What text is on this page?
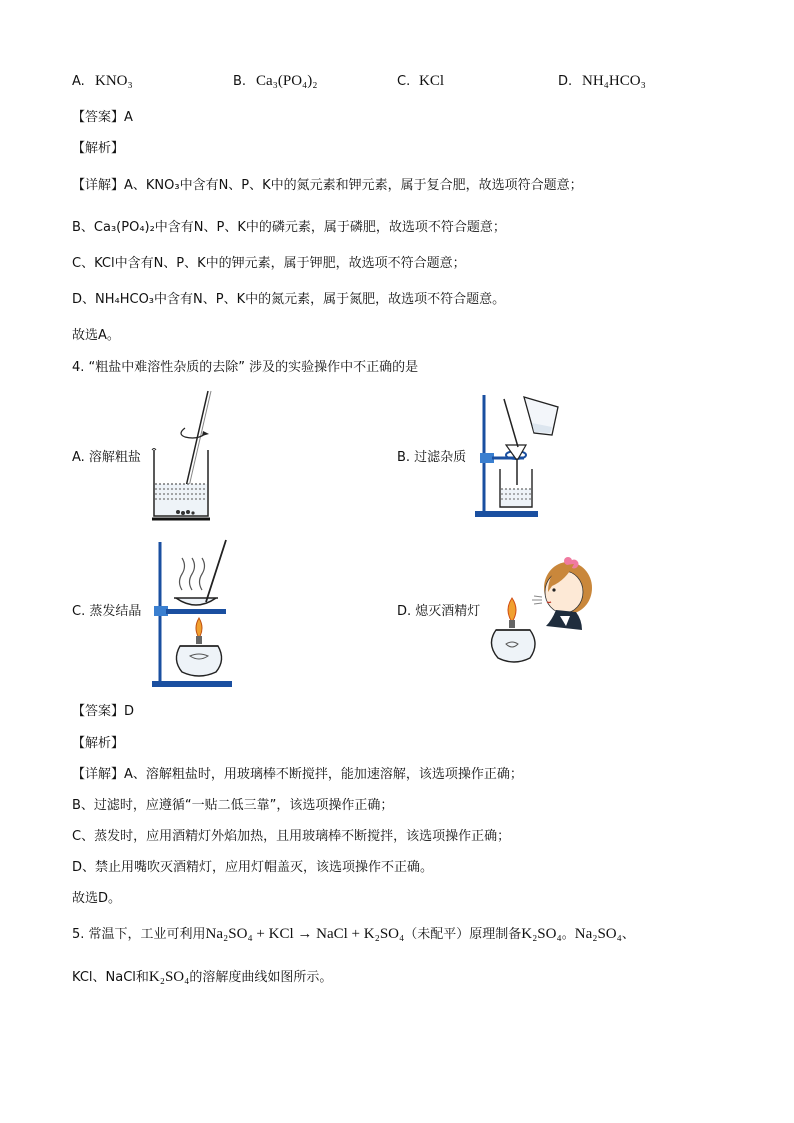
A. KNO₃	B. Ca₃(PO₄)₂	C. KCl	D. NH₄HCO₃
【答案】A
【解析】
【详解】A、KNO₃中含有N、P、K中的氮元素和钾元素，属于复合肥，故选项符合题意；
B、Ca₃(PO₄)₂中含有N、P、K中的磷元素，属于磷肥，故选项不符合题意；
C、KCl中含有N、P、K中的钾元素，属于钾肥，故选项不符合题意；
D、NH₄HCO₃中含有N、P、K中的氮元素，属于氮肥，故选项不符合题意。
故选A。
4. “粗盐中难溶性杂质的去除” 涉及的实验操作中不正确的是
A. 溶解粗盐	B. 过滤杂质
C. 蒸发结晶	D. 熄灭酒精灯
【答案】D
【解析】
【详解】A、溶解粗盐时，用玻璃棒不断搅拌，能加速溶解，该选项操作正确；
B、过滤时，应遵循“一贴二低三靠”，该选项操作正确；
C、蒸发时，应用酒精灯外焰加热，且用玻璃棒不断搅拌，该选项操作正确；
D、禁止用嘴吹灭酒精灯，应用灯帽盖灭，该选项操作不正确。
故选D。
5. 常温下，工业可利用Na₂SO₄ + KCl → NaCl + K₂SO₄（未配平）原理制备K₂SO₄。Na₂SO₄、
KCl、NaCl和K₂SO₄的溶解度曲线如图所示。
